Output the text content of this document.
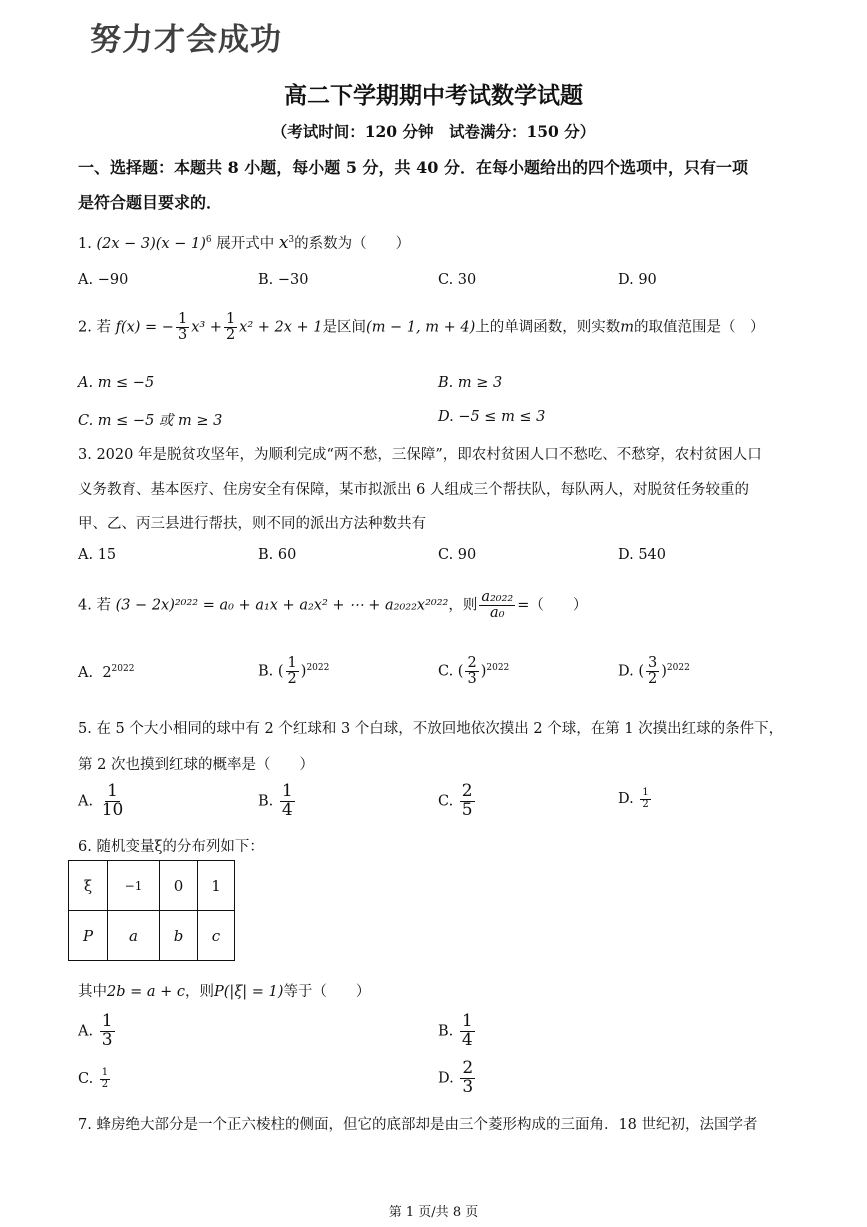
努力才会成功
高二下学期期中考试数学试题
（考试时间：120 分钟　试卷满分：150 分）
一、选择题：本题共 8 小题，每小题 5 分，共 40 分．在每小题给出的四个选项中，只有一项
是符合题目要求的．
1. $(2x - 3)(x - 1)^6$ 展开式中 $x^3$的系数为（　　）
A. −90	B. −30	C. 30	D. 90
2. 若 f(x) = − $\frac{1}{3} x^3 + \frac{1}{2} x^2 + 2x + 1$是区间(m − 1, m + 4)上的单调函数，则实数m的取值范围是（　）
A. m ≤ −5	B. m ≥ 3
C. m ≤ −5 或 m ≥ 3	D. −5 ≤ m ≤ 3
3. 2020 年是脱贫攻坚年，为顺利完成“两不愁，三保障”，即农村贫困人口不愁吃、不愁穿，农村贫困人口
义务教育、基本医疗、住房安全有保障，某市拟派出 6 人组成三个帮扶队，每队两人，对脱贫任务较重的
甲、乙、丙三县进行帮扶，则不同的派出方法种数共有
A. 15	B. 60	C. 90	D. 540
4. 若 (3 − 2x)²⁰²² = a₀ + a₁x + a₂x² + ⋯ + a₂₀₂₂x²⁰²²，则 $\frac{\text{a₂₀₂₂}}{\text{a₀}}$ =（　　）
A. $2^{2022}$	B. ( $\frac{1}{2} )^{2022}$	C. ( $\frac{2}{3} )^{2022}$	D. ( $\frac{3}{2} )^{2022}$
5. 在 5 个大小相同的球中有 2 个红球和 3 个白球，不放回地依次摸出 2 个球，在第 1 次摸出红球的条件下，
第 2 次也摸到红球的概率是（　　）
A. $\frac{1}{10}$	B. $\frac{1}{4}$	C. $\frac{2}{5}$	D. $\frac{1}{2}$
6. 随机变量ξ的分布列如下：
ξ	−1	0	1
P	a	b	c
其中2b = a + c，则P(|ξ| = 1)等于（　　）
A. $\frac{1}{3}$	B. $\frac{1}{4}$
C. $\frac{1}{2}$	D. $\frac{2}{3}$
7. 蜂房绝大部分是一个正六棱柱的侧面，但它的底部却是由三个菱形构成的三面角．18 世纪初，法国学者
第 1 页/共 8 页
